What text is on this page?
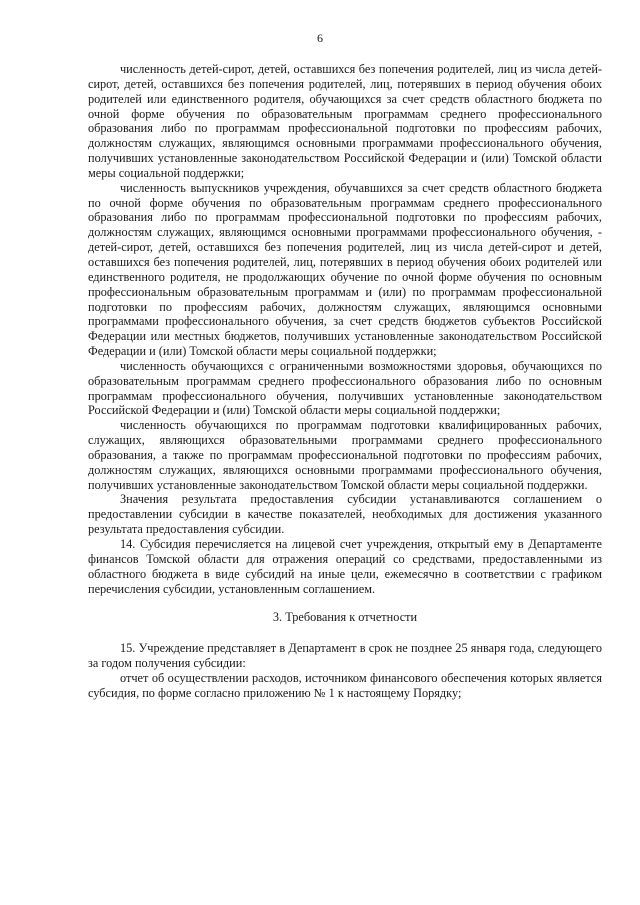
6

численность детей-сирот, детей, оставшихся без попечения родителей, лиц из числа детей-сирот, детей, оставшихся без попечения родителей, лиц, потерявших в период обучения обоих родителей или единственного родителя, обучающихся за счет средств областного бюджета по очной форме обучения по образовательным программам среднего профессионального образования либо по программам профессиональной подготовки по профессиям рабочих, должностям служащих, являющимся основными программами профессионального обучения, получивших установленные законодательством Российской Федерации и (или) Томской области меры социальной поддержки;

численность выпускников учреждения, обучавшихся за счет средств областного бюджета по очной форме обучения по образовательным программам среднего профессионального образования либо по программам профессиональной подготовки по профессиям рабочих, должностям служащих, являющимся основными программами профессионального обучения, - детей-сирот, детей, оставшихся без попечения родителей, лиц из числа детей-сирот и детей, оставшихся без попечения родителей, лиц, потерявших в период обучения обоих родителей или единственного родителя, не продолжающих обучение по очной форме обучения по основным профессиональным образовательным программам и (или) по программам профессиональной подготовки по профессиям рабочих, должностям служащих, являющимся основными программами профессионального обучения, за счет средств бюджетов субъектов Российской Федерации или местных бюджетов, получивших установленные законодательством Российской Федерации и (или) Томской области меры социальной поддержки;

численность обучающихся с ограниченными возможностями здоровья, обучающихся по образовательным программам среднего профессионального образования либо по основным программам профессионального обучения, получивших установленные законодательством Российской Федерации и (или) Томской области меры социальной поддержки;

численность обучающихся по программам подготовки квалифицированных рабочих, служащих, являющихся образовательными программами среднего профессионального образования, а также по программам профессиональной подготовки по профессиям рабочих, должностям служащих, являющихся основными программами профессионального обучения, получивших установленные законодательством Томской области меры социальной поддержки.

Значения результата предоставления субсидии устанавливаются соглашением о предоставлении субсидии в качестве показателей, необходимых для достижения указанного результата предоставления субсидии.

14. Субсидия перечисляется на лицевой счет учреждения, открытый ему в Департаменте финансов Томской области для отражения операций со средствами, предоставленными из областного бюджета в виде субсидий на иные цели, ежемесячно в соответствии с графиком перечисления субсидии, установленным соглашением.

3. Требования к отчетности

15. Учреждение представляет в Департамент в срок не позднее 25 января года, следующего за годом получения субсидии:

отчет об осуществлении расходов, источником финансового обеспечения которых является субсидия, по форме согласно приложению № 1 к настоящему Порядку;
